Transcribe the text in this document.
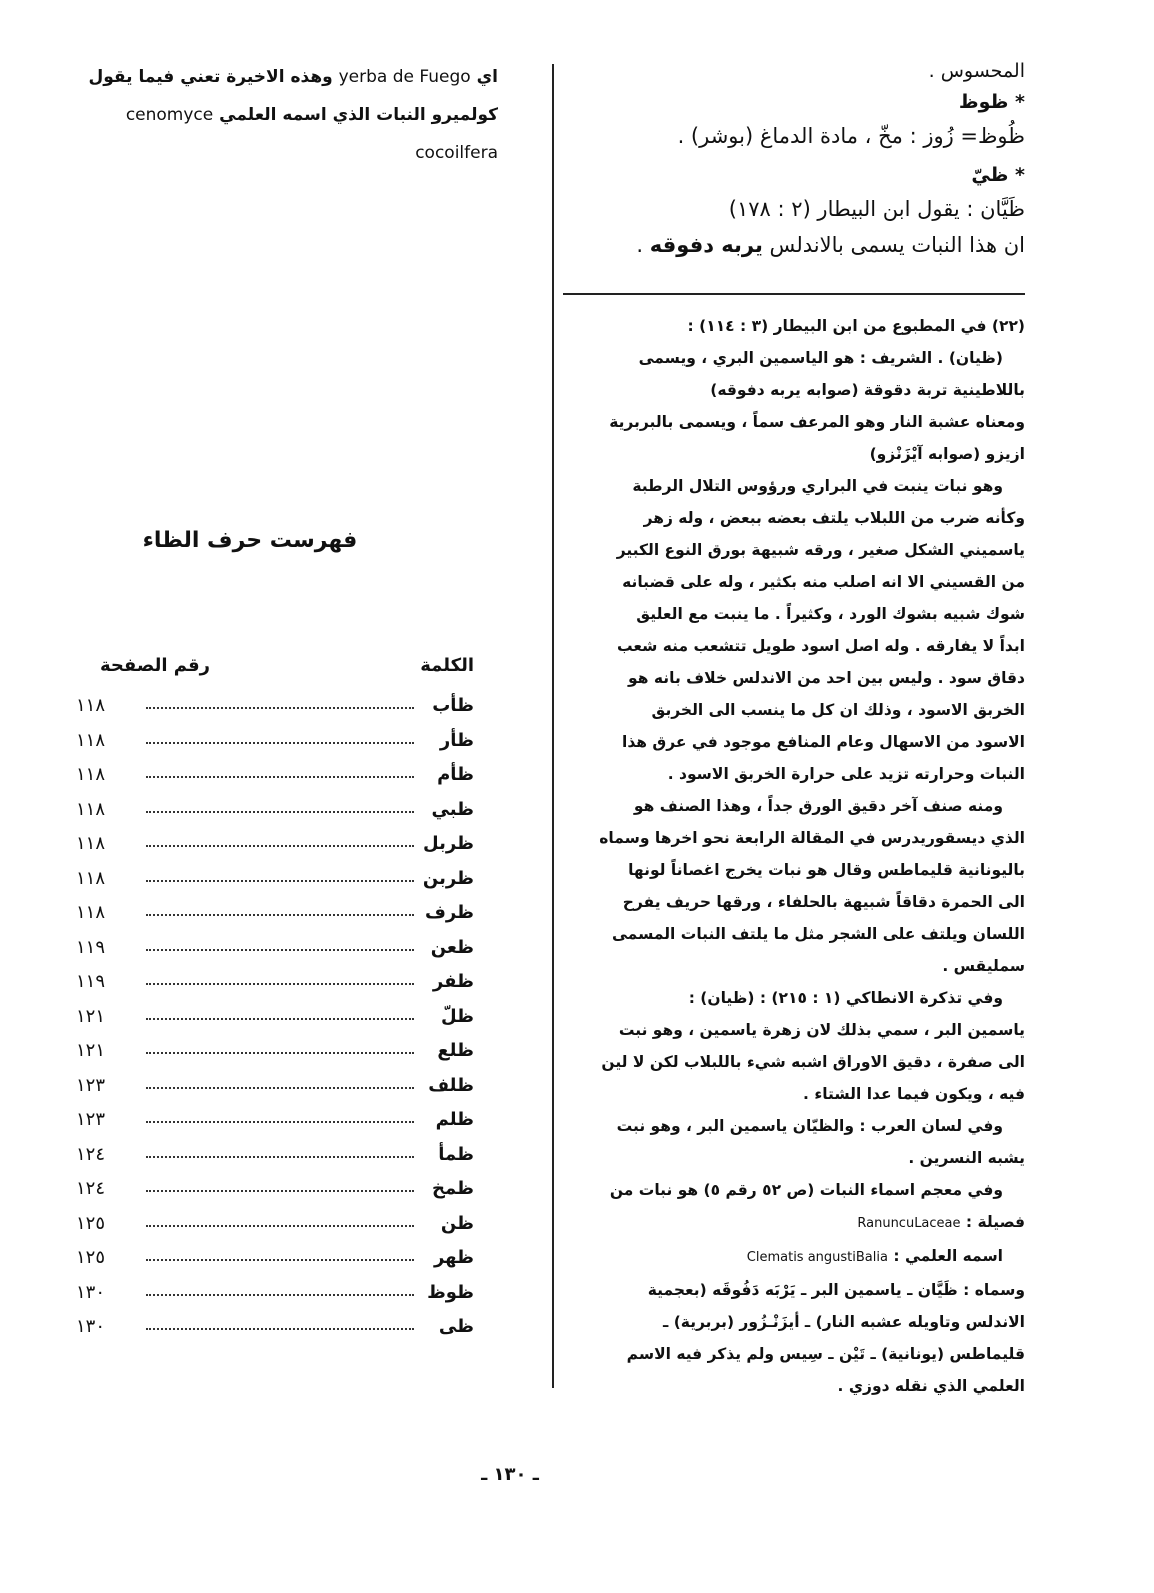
المحسوس .
* ظوظ
ظُوظ= زُوز : مخّ ، مادة الدماغ (بوشر) .
* ظيّ
ظَيَّان : يقول ابن البيطار (٢ : ١٧٨)
ان هذا النبات يسمى بالاندلس يربه دفوقه .

(٢٢) في المطبوع من ابن البيطار (٣ : ١١٤) :

(ظيان) . الشريف : هو الياسمين البري ، ويسمى

باللاطينية تربة دقوقة (صوابه يربه دفوقه)

ومعناه عشبة النار وهو المرعف سماً ، ويسمى بالبربرية

ازيزو (صوابه آيْزَنْزو)

وهو نبات ينبت في البراري ورؤوس التلال الرطبة

وكأنه ضرب من اللبلاب يلتف بعضه ببعض ، وله زهر

ياسميني الشكل صغير ، ورقه شبيهة بورق النوع الكبير

من القسيني الا انه اصلب منه بكثير ، وله على قضبانه

شوك شبيه بشوك الورد ، وكثيراً . ما ينبت مع العليق

ابداً لا يفارقه . وله اصل اسود طويل تتشعب منه شعب

دقاق سود . وليس بين احد من الاندلس خلاف بانه هو

الخربق الاسود ، وذلك ان كل ما ينسب الى الخربق

الاسود من الاسهال وعام المنافع موجود في عرق هذا

النبات وحرارته تزيد على حرارة الخربق الاسود .

ومنه صنف آخر دقيق الورق جداً ، وهذا الصنف هو

الذي ديسقوريدرس في المقالة الرابعة نحو اخرها وسماه

باليونانية قليماطس وقال هو نبات يخرج اغصاناً لونها

الى الحمرة دقاقاً شبيهة بالحلفاء ، ورقها حريف يفرح

اللسان ويلتف على الشجر مثل ما يلتف النبات المسمى

سمليقس .

وفي تذكرة الانطاكي (١ : ٢١٥) : (ظيان) :

ياسمين البر ، سمي بذلك لان زهرة ياسمين ، وهو نبت

الى صفرة ، دقيق الاوراق اشبه شيء باللبلاب لكن لا لين

فيه ، ويكون فيما عدا الشتاء .

وفي لسان العرب : والظيّان ياسمين البر ، وهو نبت

يشبه النسرين .

وفي معجم اسماء النبات (ص ٥٢ رقم ٥) هو نبات من

فصيلة : RanuncuLaceae

اسمه العلمي : Clematis angustiBalia

وسماه : ظَيَّان ـ ياسمين البر ـ يَرْبَه دَفُوقَه (بعجمية

الاندلس وتاويله عشبه النار) ـ أيزَنْـزُور (بربرية) ـ

قليماطس (يونانية) ـ تَيْن ـ سِيس ولم يذكر فيه الاسم

العلمي الذي نقله دوزي .

اي yerba de Fuego وهذه الاخيرة تعني فيما يقول
كولميرو النبات الذي اسمه العلمي cenomyce
cocoilfera
فهرست حرف الظاء
الكلمة
رقم الصفحة
ظأب
١١٨
ظأر
١١٨
ظأم
١١٨
ظبي
١١٨
ظربل
١١٨
ظربن
١١٨
ظرف
١١٨
ظعن
١١٩
ظفر
١١٩
ظلّ
١٢١
ظلع
١٢١
ظلف
١٢٣
ظلم
١٢٣
ظمأ
١٢٤
ظمخ
١٢٤
ظن
١٢٥
ظهر
١٢٥
ظوظ
١٣٠
ظى
١٣٠
ـ ١٣٠ ـ
